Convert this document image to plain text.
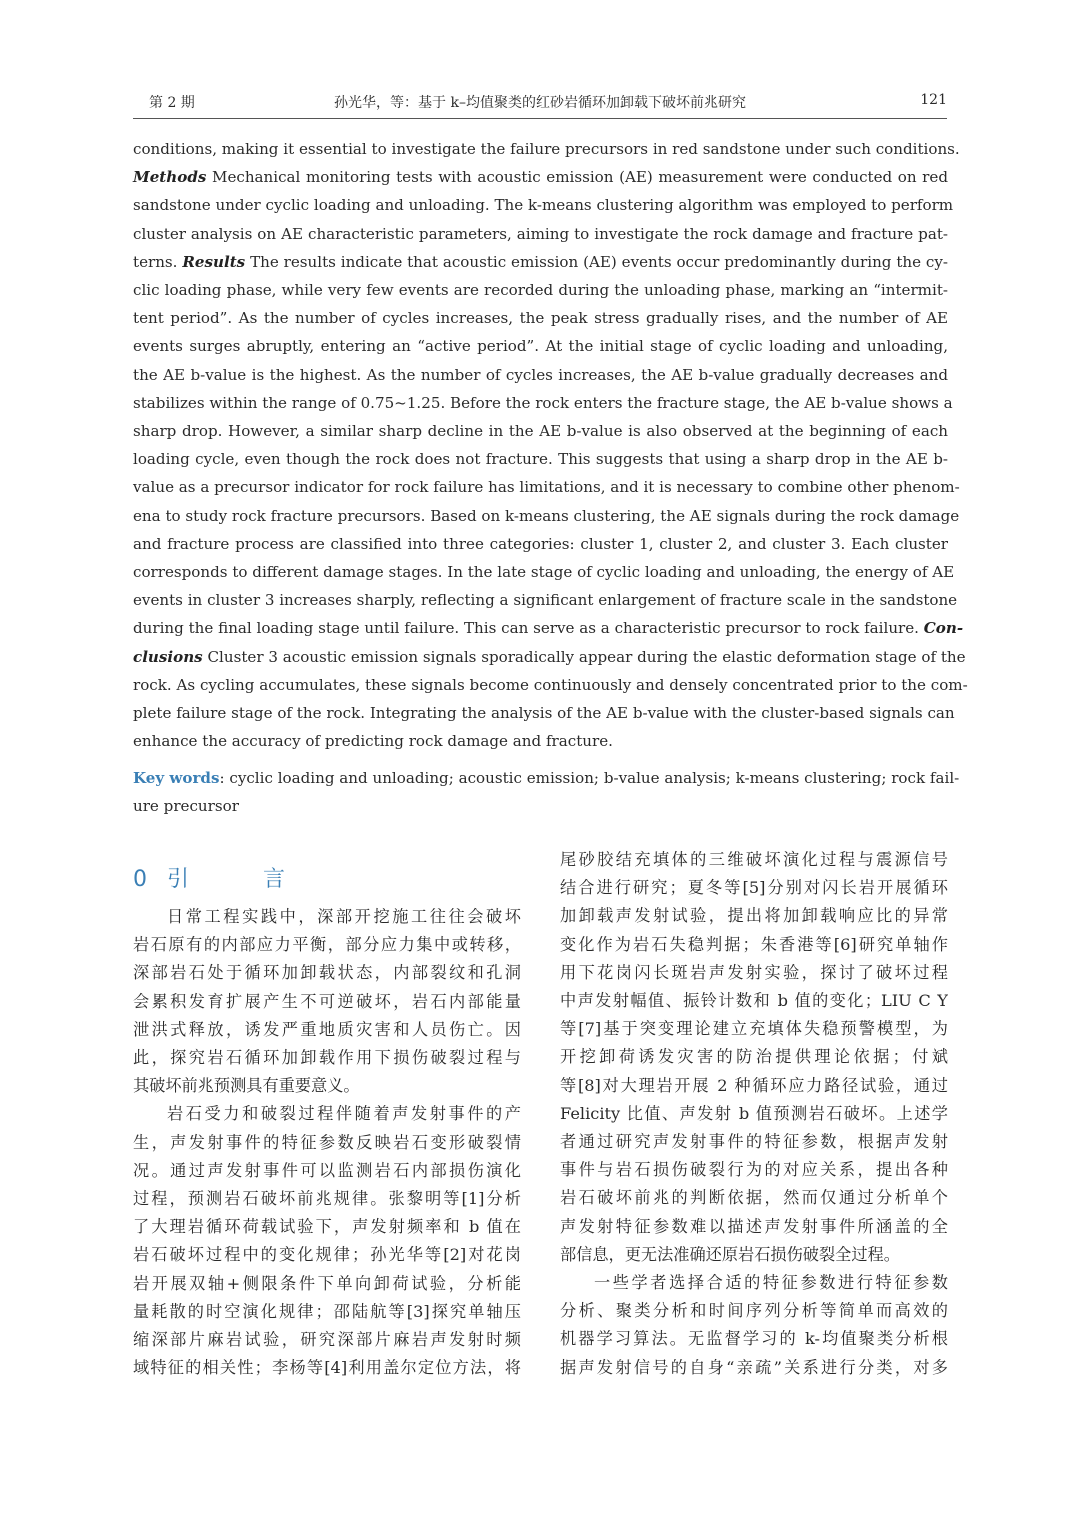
第 2 期	孙光华，等：基于 k–均值聚类的红砂岩循环加卸载下破坏前兆研究	121
conditions, making it essential to investigate the failure precursors in red sandstone under such conditions.
Methods Mechanical monitoring tests with acoustic emission (AE) measurement were conducted on red
sandstone under cyclic loading and unloading. The k-means clustering algorithm was employed to perform
cluster analysis on AE characteristic parameters, aiming to investigate the rock damage and fracture pat-
terns. Results The results indicate that acoustic emission (AE) events occur predominantly during the cy-
clic loading phase, while very few events are recorded during the unloading phase, marking an “intermit-
tent period”. As the number of cycles increases, the peak stress gradually rises, and the number of AE
events surges abruptly, entering an “active period”. At the initial stage of cyclic loading and unloading,
the AE b-value is the highest. As the number of cycles increases, the AE b-value gradually decreases and
stabilizes within the range of 0.75~1.25. Before the rock enters the fracture stage, the AE b-value shows a
sharp drop. However, a similar sharp decline in the AE b-value is also observed at the beginning of each
loading cycle, even though the rock does not fracture. This suggests that using a sharp drop in the AE b-
value as a precursor indicator for rock failure has limitations, and it is necessary to combine other phenom-
ena to study rock fracture precursors. Based on k-means clustering, the AE signals during the rock damage
and fracture process are classified into three categories: cluster 1, cluster 2, and cluster 3. Each cluster
corresponds to different damage stages. In the late stage of cyclic loading and unloading, the energy of AE
events in cluster 3 increases sharply, reflecting a significant enlargement of fracture scale in the sandstone
during the final loading stage until failure. This can serve as a characteristic precursor to rock failure. Con-
clusions Cluster 3 acoustic emission signals sporadically appear during the elastic deformation stage of the
rock. As cycling accumulates, these signals become continuously and densely concentrated prior to the com-
plete failure stage of the rock. Integrating the analysis of the AE b-value with the cluster-based signals can
enhance the accuracy of predicting rock damage and fracture.
Key words: cyclic loading and unloading; acoustic emission; b-value analysis; k-means clustering; rock fail-
ure precursor
0 引　言
日常工程实践中，深部开挖施工往往会破坏
岩石原有的内部应力平衡，部分应力集中或转移，
深部岩石处于循环加卸载状态，内部裂纹和孔洞
会累积发育扩展产生不可逆破坏，岩石内部能量
泄洪式释放，诱发严重地质灾害和人员伤亡。因
此，探究岩石循环加卸载作用下损伤破裂过程与
其破坏前兆预测具有重要意义。
岩石受力和破裂过程伴随着声发射事件的产
生，声发射事件的特征参数反映岩石变形破裂情
况。通过声发射事件可以监测岩石内部损伤演化
过程，预测岩石破坏前兆规律。张黎明等[1]分析
了大理岩循环荷载试验下，声发射频率和 b 值在
岩石破坏过程中的变化规律；孙光华等[2]对花岗
岩开展双轴+侧限条件下单向卸荷试验，分析能
量耗散的时空演化规律；邵陆航等[3]探究单轴压
缩深部片麻岩试验，研究深部片麻岩声发射时频
域特征的相关性；李杨等[4]利用盖尔定位方法，将
尾砂胶结充填体的三维破坏演化过程与震源信号
结合进行研究；夏冬等[5]分别对闪长岩开展循环
加卸载声发射试验，提出将加卸载响应比的异常
变化作为岩石失稳判据；朱香港等[6]研究单轴作
用下花岗闪长斑岩声发射实验，探讨了破坏过程
中声发射幅值、振铃计数和 b 值的变化；LIU C Y
等[7]基于突变理论建立充填体失稳预警模型，为
开挖卸荷诱发灾害的防治提供理论依据；付斌
等[8]对大理岩开展 2 种循环应力路径试验，通过
Felicity 比值、声发射 b 值预测岩石破坏。上述学
者通过研究声发射事件的特征参数，根据声发射
事件与岩石损伤破裂行为的对应关系，提出各种
岩石破坏前兆的判断依据，然而仅通过分析单个
声发射特征参数难以描述声发射事件所涵盖的全
部信息，更无法准确还原岩石损伤破裂全过程。
一些学者选择合适的特征参数进行特征参数
分析、聚类分析和时间序列分析等简单而高效的
机器学习算法。无监督学习的 k-均值聚类分析根
据声发射信号的自身“亲疏”关系进行分类，对多
